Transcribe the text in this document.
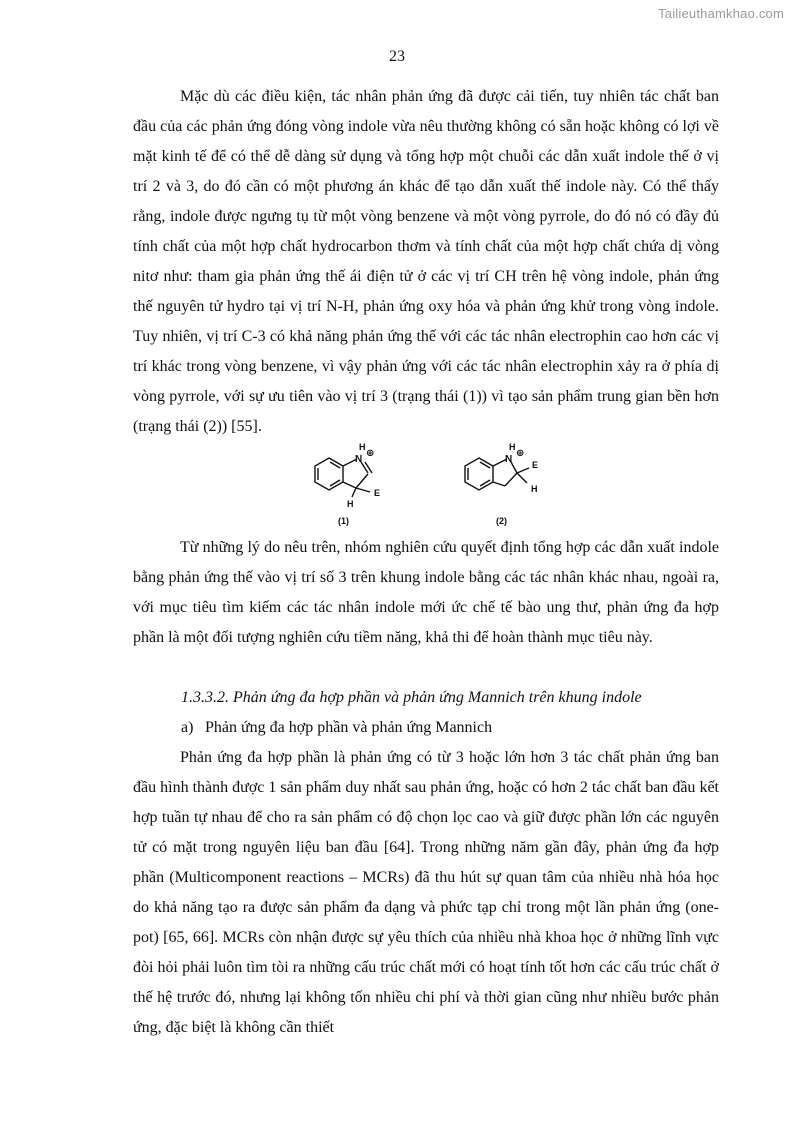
Tailieuthamkhao.com
23

Mặc dù các điều kiện, tác nhân phản ứng đã được cải tiến, tuy nhiên tác chất ban đầu của các phản ứng đóng vòng indole vừa nêu thường không có sẵn hoặc không có lợi về mặt kinh tế để có thể dễ dàng sử dụng và tổng hợp một chuỗi các dẫn xuất indole thế ở vị trí 2 và 3, do đó cần có một phương án khác để tạo dẫn xuất thế indole này. Có thể thấy rằng, indole được ngưng tụ từ một vòng benzene và một vòng pyrrole, do đó nó có đầy đủ tính chất của một hợp chất hydrocarbon thơm và tính chất của một hợp chất chứa dị vòng nitơ như: tham gia phản ứng thế ái điện tử ở các vị trí CH trên hệ vòng indole, phản ứng thế nguyên tử hydro tại vị trí N-H, phản ứng oxy hóa và phản ứng khử trong vòng indole. Tuy nhiên, vị trí C-3 có khả năng phản ứng thế với các tác nhân electrophin cao hơn các vị trí khác trong vòng benzene, vì vậy phản ứng với các tác nhân electrophin xảy ra ở phía dị vòng pyrrole, với sự ưu tiên vào vị trí 3 (trạng thái (1)) vì tạo sản phẩm trung gian bền hơn (trạng thái (2)) [55].

H
N
⊕
H
E
(1)
H
N
⊕
E
H
(2)

Từ những lý do nêu trên, nhóm nghiên cứu quyết định tổng hợp các dẫn xuất indole bằng phản ứng thế vào vị trí số 3 trên khung indole bằng các tác nhân khác nhau, ngoài ra, với mục tiêu tìm kiếm các tác nhân indole mới ức chế tế bào ung thư, phản ứng đa hợp phần là một đối tượng nghiên cứu tiềm năng, khả thi để hoàn thành mục tiêu này.

1.3.3.2. Phản ứng đa hợp phần và phản ứng Mannich trên khung indole
a) Phản ứng đa hợp phần và phản ứng Mannich

Phản ứng đa hợp phần là phản ứng có từ 3 hoặc lớn hơn 3 tác chất phản ứng ban đầu hình thành được 1 sản phẩm duy nhất sau phản ứng, hoặc có hơn 2 tác chất ban đầu kết hợp tuần tự nhau để cho ra sản phẩm có độ chọn lọc cao và giữ được phần lớn các nguyên tử có mặt trong nguyên liệu ban đầu [64]. Trong những năm gần đây, phản ứng đa hợp phần (Multicomponent reactions – MCRs) đã thu hút sự quan tâm của nhiều nhà hóa học do khả năng tạo ra được sản phẩm đa dạng và phức tạp chỉ trong một lần phản ứng (one-pot) [65, 66]. MCRs còn nhận được sự yêu thích của nhiều nhà khoa học ở những lĩnh vực đòi hỏi phải luôn tìm tòi ra những cấu trúc chất mới có hoạt tính tốt hơn các cấu trúc chất ở thế hệ trước đó, nhưng lại không tốn nhiều chi phí và thời gian cũng như nhiều bước phản ứng, đặc biệt là không cần thiết
